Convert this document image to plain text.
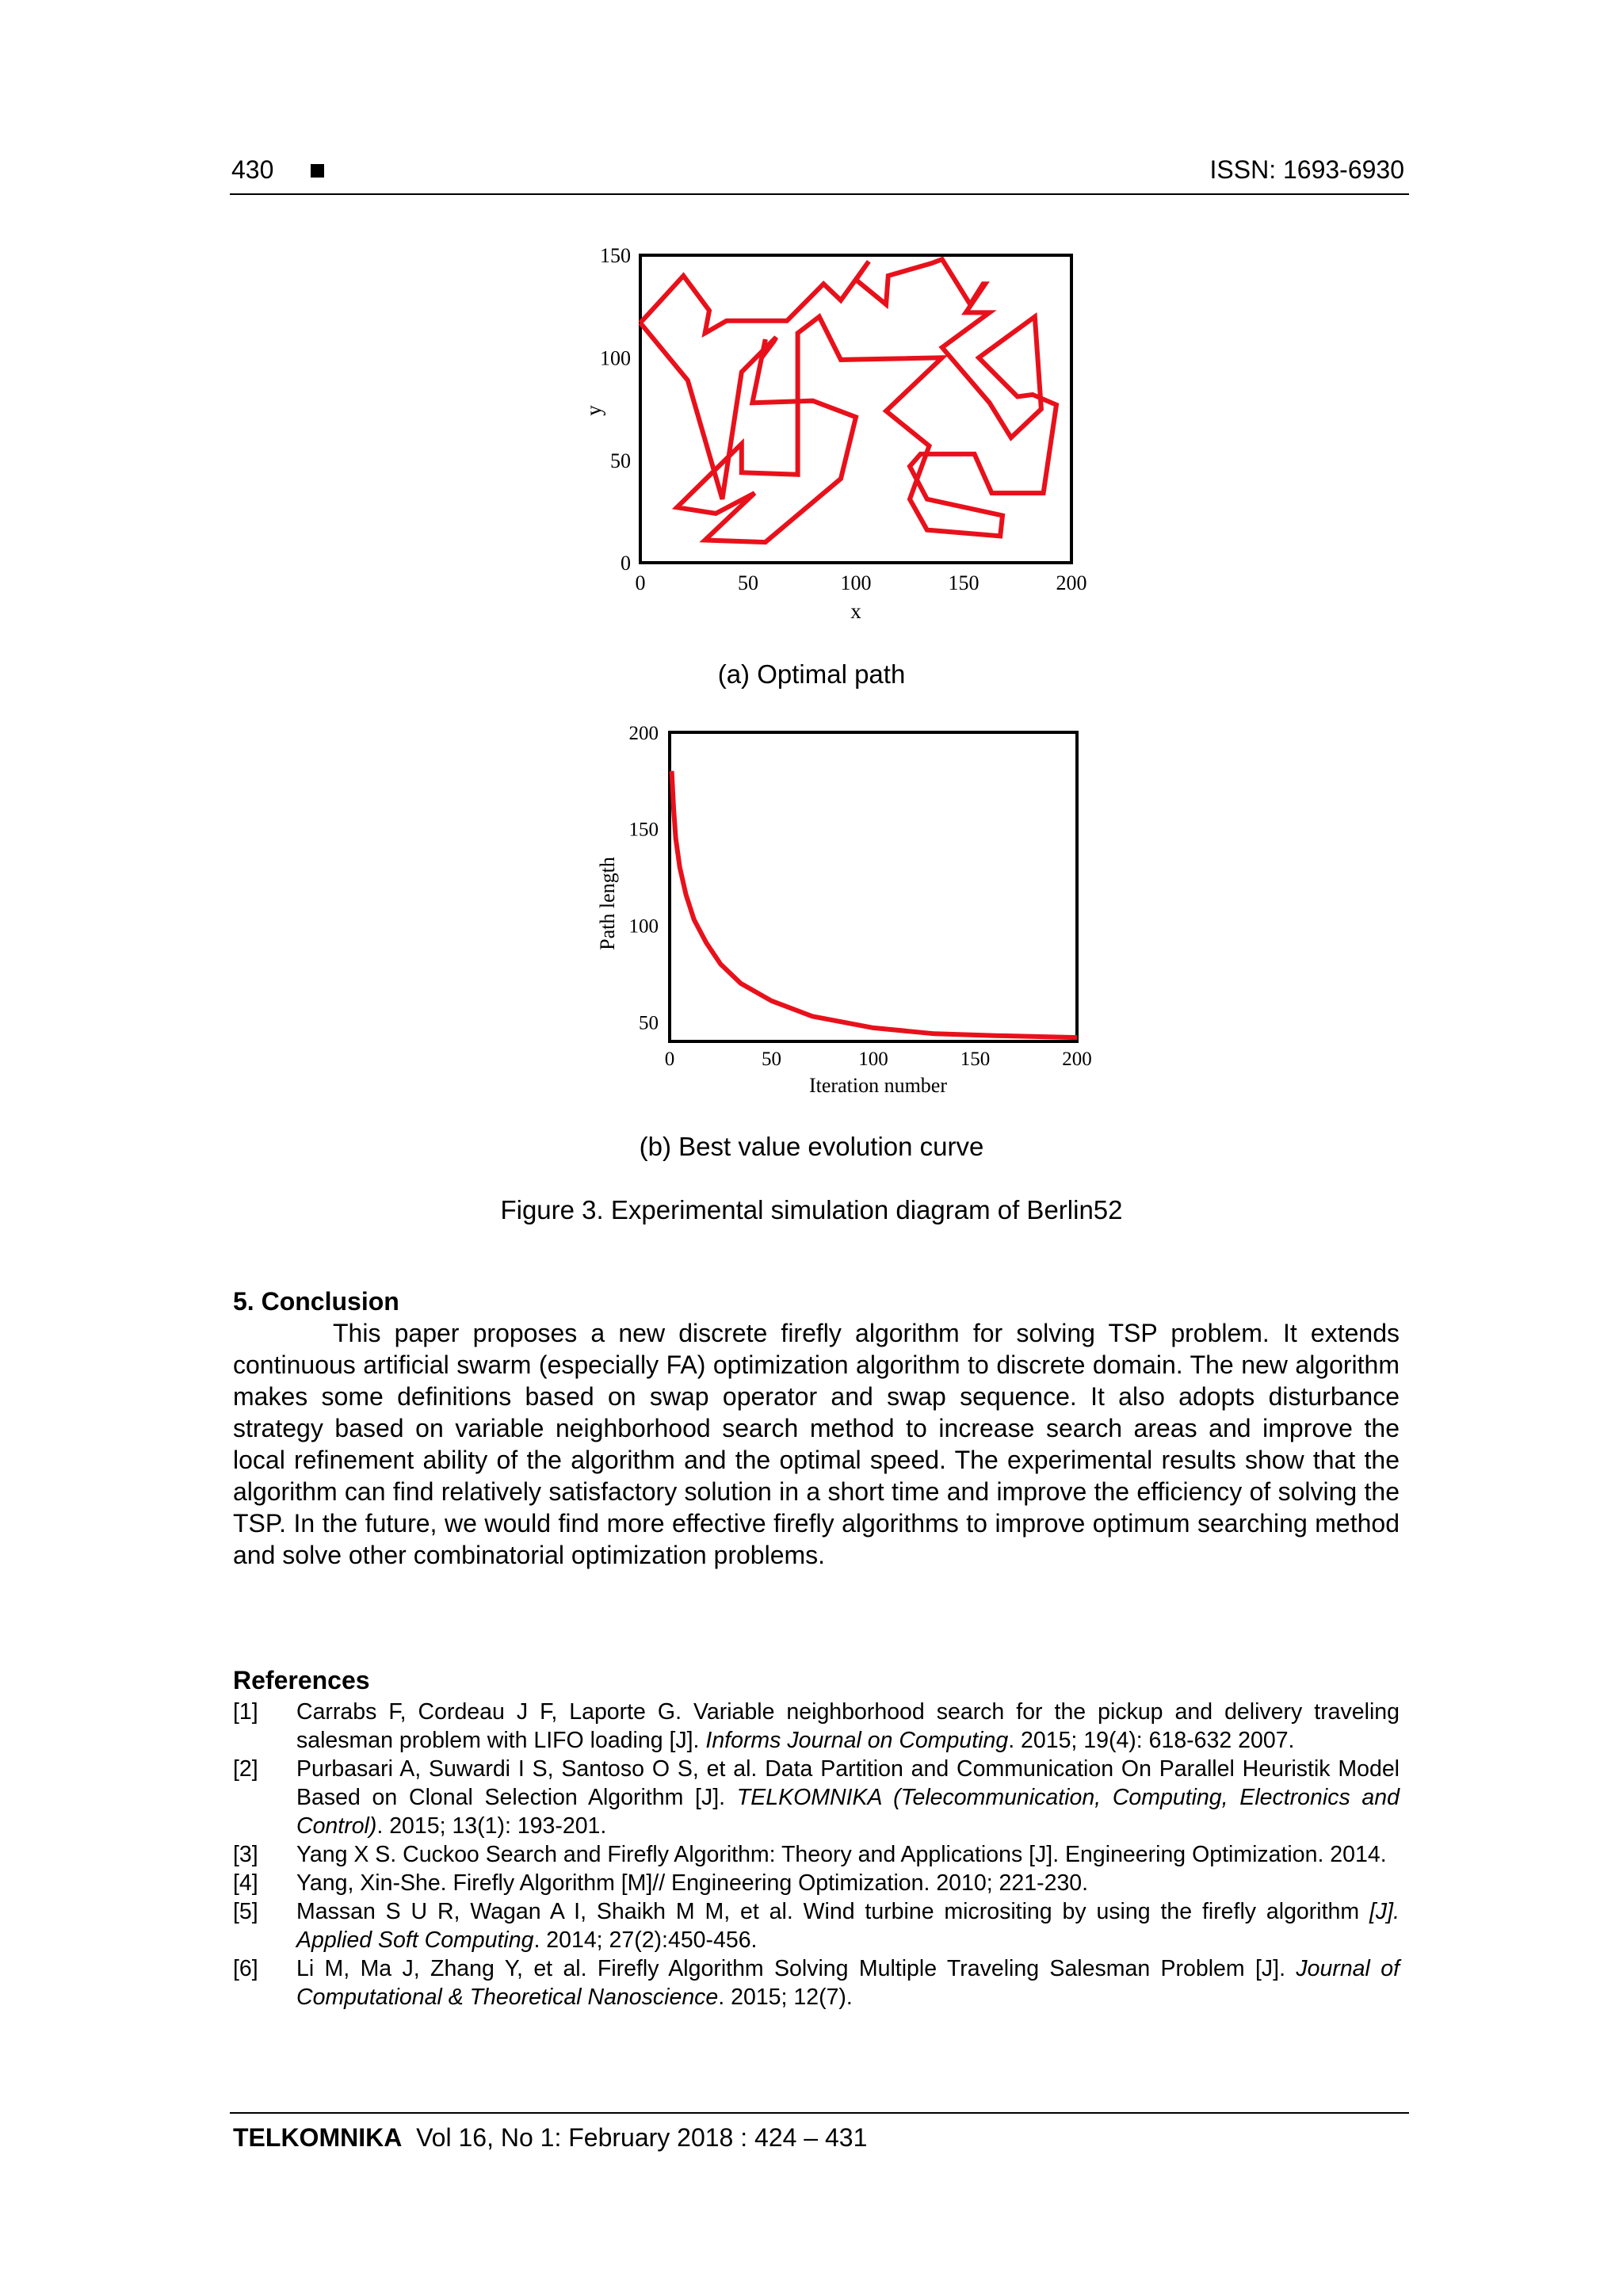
430	ISSN: 1693-6930
0	50	100	150	200
0
50
100
150
x
y
(a) Optimal path
0	50	100	150	200
50
100
150
200
Iteration number
Path length
(b) Best value evolution curve
Figure 3. Experimental simulation diagram of Berlin52
5. Conclusion
This paper proposes a new discrete firefly algorithm for solving TSP problem. It extends continuous artificial swarm (especially FA) optimization algorithm to discrete domain. The new algorithm makes some definitions based on swap operator and swap sequence. It also adopts disturbance strategy based on variable neighborhood search method to increase search areas and improve the local refinement ability of the algorithm and the optimal speed. The experimental results show that the algorithm can find relatively satisfactory solution in a short time and improve the efficiency of solving the TSP. In the future, we would find more effective firefly algorithms to improve optimum searching method and solve other combinatorial optimization problems.
References

[1]	Carrabs F, Cordeau J F, Laporte G. Variable neighborhood search for the pickup and delivery traveling salesman problem with LIFO loading [J]. Informs Journal on Computing. 2015; 19(4): 618-632 2007.

[2]	Purbasari A, Suwardi I S, Santoso O S, et al. Data Partition and Communication On Parallel Heuristik Model Based on Clonal Selection Algorithm [J]. TELKOMNIKA (Telecommunication, Computing, Electronics and Control). 2015; 13(1): 193-201.

[3]	Yang X S. Cuckoo Search and Firefly Algorithm: Theory and Applications [J]. Engineering Optimization. 2014.

[4]	Yang, Xin-She. Firefly Algorithm [M]// Engineering Optimization. 2010; 221-230.

[5]	Massan S U R, Wagan A I, Shaikh M M, et al. Wind turbine micrositing by using the firefly algorithm [J]. Applied Soft Computing. 2014; 27(2):450-456.

[6]	Li M, Ma J, Zhang Y, et al. Firefly Algorithm Solving Multiple Traveling Salesman Problem [J]. Journal of Computational & Theoretical Nanoscience. 2015; 12(7).

TELKOMNIKA Vol 16, No 1: February 2018 : 424 – 431
